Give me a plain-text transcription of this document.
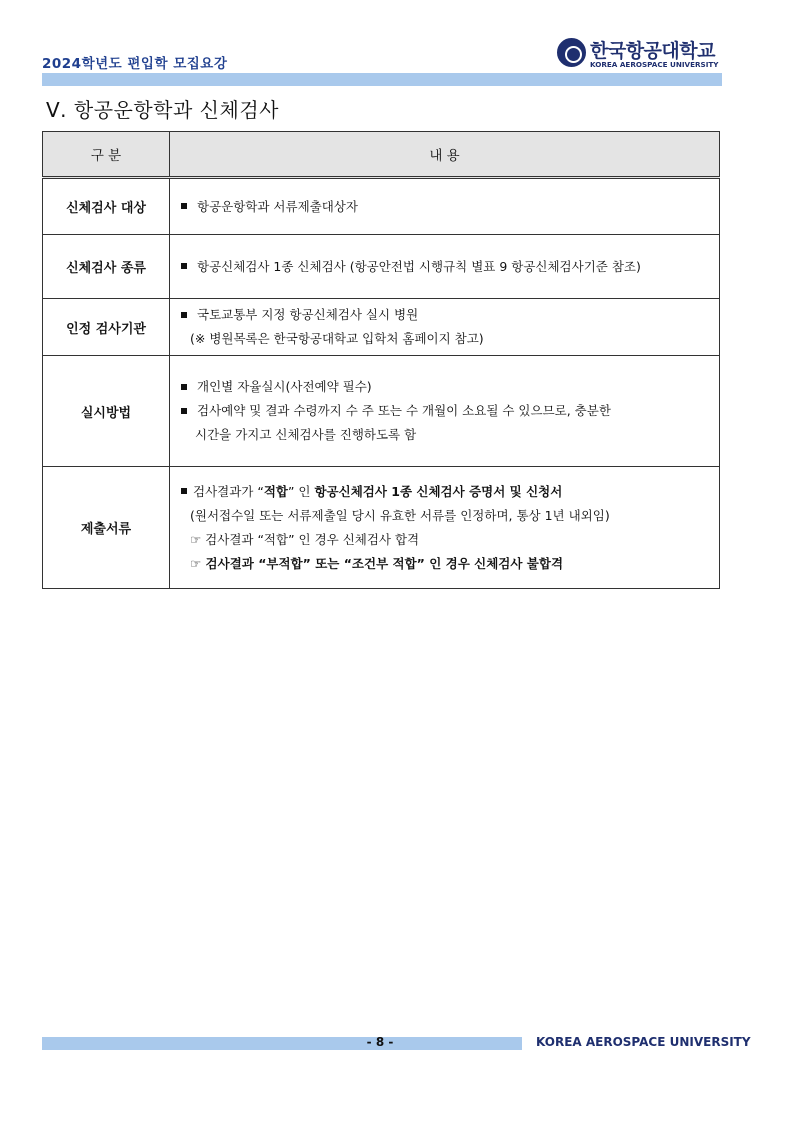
2024학년도 편입학 모집요강
한국항공대학교
KOREA AEROSPACE UNIVERSITY
Ⅴ. 항공운항학과 신체검사
구 분	내 용
신체검사 대상	항공운항학과 서류제출대상자

신체검사 종류	항공신체검사 1종 신체검사 (항공안전법 시행규칙 별표 9 항공신체검사기준 참조)

인정 검사기관	국토교통부 지정 항공신체검사 실시 병원
(※ 병원목록은 한국항공대학교 입학처 홈페이지 참고)

실시방법	개인별 자율실시(사전예약 필수)
검사예약 및 결과 수령까지 수 주 또는 수 개월이 소요될 수 있으므로, 충분한
시간을 가지고 신체검사를 진행하도록 함

제출서류	검사결과가 “적합” 인 항공신체검사 1종 신체검사 증명서 및 신청서
(원서접수일 또는 서류제출일 당시 유효한 서류를 인정하며, 통상 1년 내외임)
☞ 검사결과 “적합” 인 경우 신체검사 합격
☞ 검사결과 “부적합” 또는 “조건부 적합” 인 경우 신체검사 불합격
- 8 -	KOREA AEROSPACE UNIVERSITY
